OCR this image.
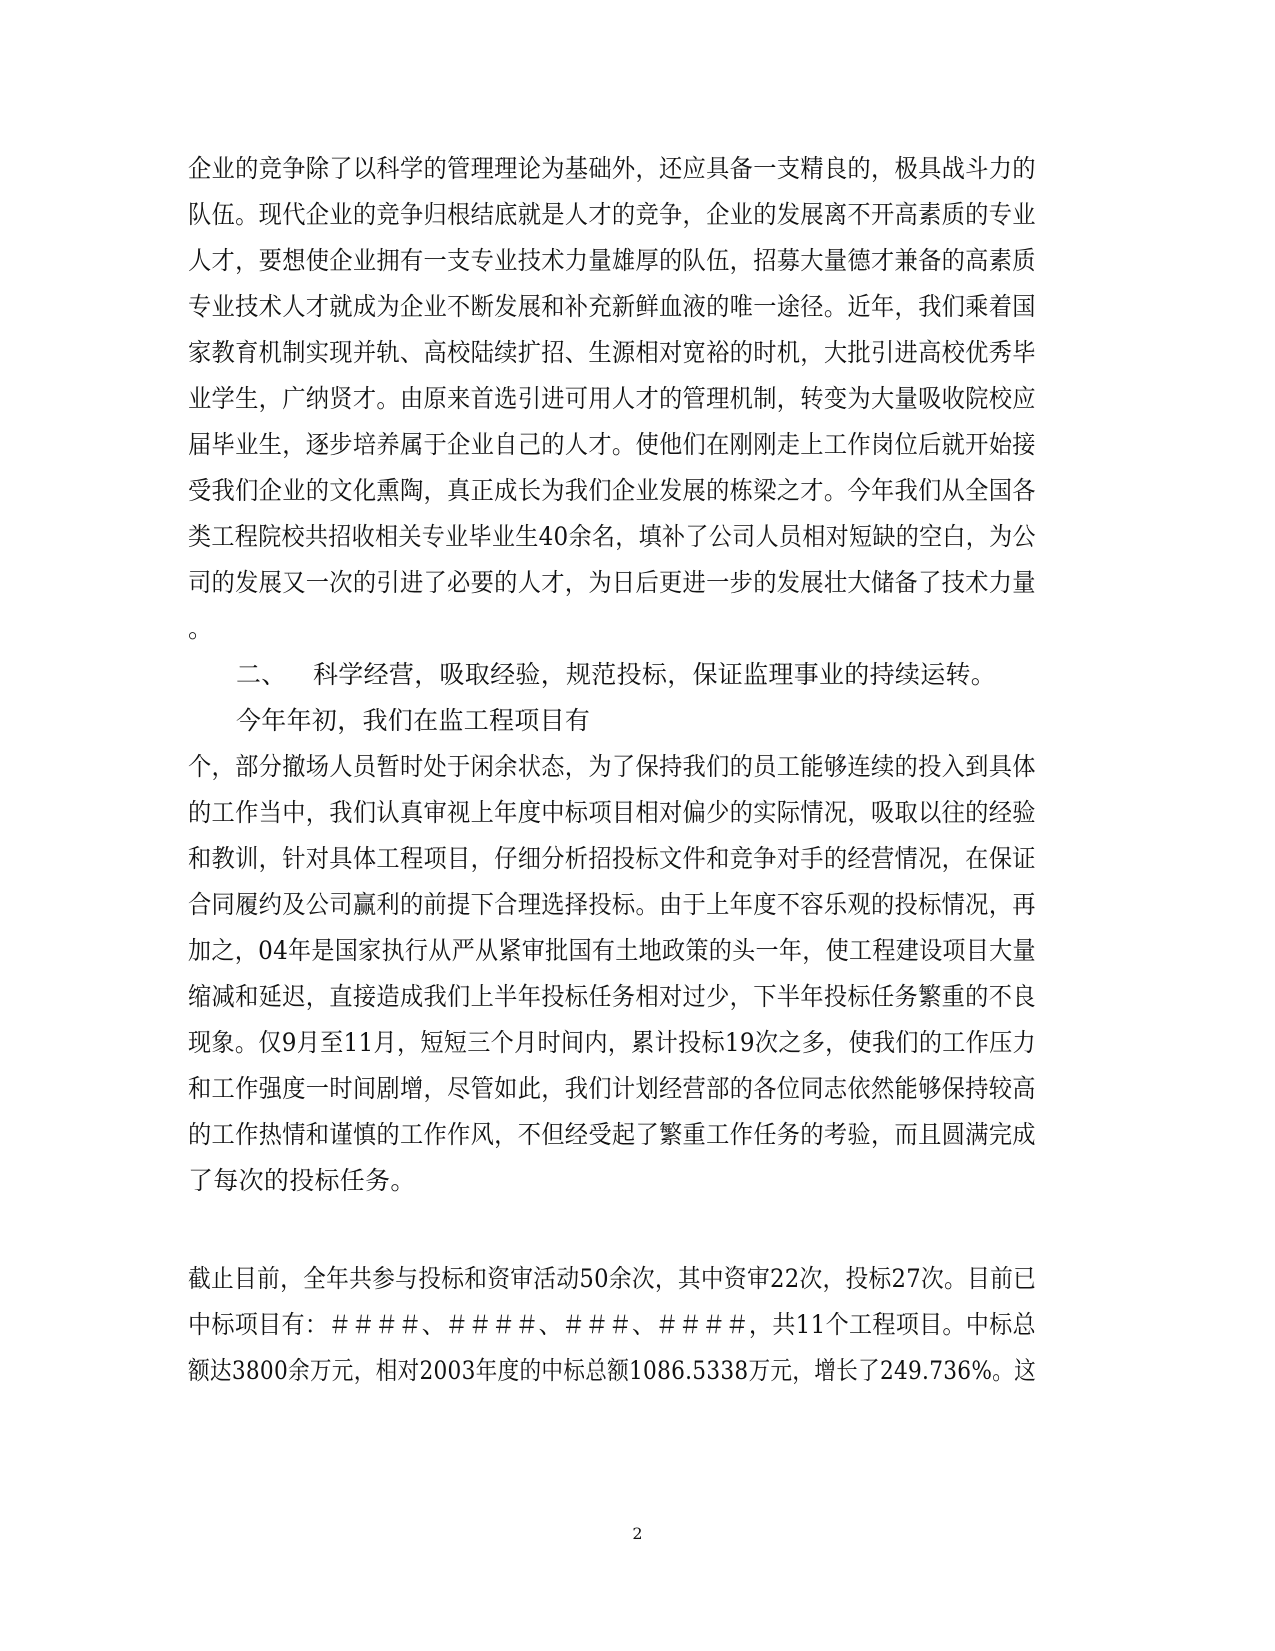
企业的竞争除了以科学的管理理论为基础外，还应具备一支精良的，极具战斗力的
队伍。现代企业的竞争归根结底就是人才的竞争，企业的发展离不开高素质的专业
人才，要想使企业拥有一支专业技术力量雄厚的队伍，招募大量德才兼备的高素质
专业技术人才就成为企业不断发展和补充新鲜血液的唯一途径。近年，我们乘着国
家教育机制实现并轨、高校陆续扩招、生源相对宽裕的时机，大批引进高校优秀毕
业学生，广纳贤才。由原来首选引进可用人才的管理机制，转变为大量吸收院校应
届毕业生，逐步培养属于企业自己的人才。使他们在刚刚走上工作岗位后就开始接
受我们企业的文化熏陶，真正成长为我们企业发展的栋梁之才。今年我们从全国各
类工程院校共招收相关专业毕业生40余名，填补了公司人员相对短缺的空白，为公
司的发展又一次的引进了必要的人才，为日后更进一步的发展壮大储备了技术力量
。
二、 科学经营，吸取经验，规范投标，保证监理事业的持续运转。
今年年初，我们在监工程项目有
个，部分撤场人员暂时处于闲余状态，为了保持我们的员工能够连续的投入到具体
的工作当中，我们认真审视上年度中标项目相对偏少的实际情况，吸取以往的经验
和教训，针对具体工程项目，仔细分析招投标文件和竞争对手的经营情况，在保证
合同履约及公司赢利的前提下合理选择投标。由于上年度不容乐观的投标情况，再
加之，04年是国家执行从严从紧审批国有土地政策的头一年，使工程建设项目大量
缩减和延迟，直接造成我们上半年投标任务相对过少，下半年投标任务繁重的不良
现象。仅9月至11月，短短三个月时间内，累计投标19次之多，使我们的工作压力
和工作强度一时间剧增，尽管如此，我们计划经营部的各位同志依然能够保持较高
的工作热情和谨慎的工作作风，不但经受起了繁重工作任务的考验，而且圆满完成
了每次的投标任务。
截止目前，全年共参与投标和资审活动50余次，其中资审22次，投标27次。目前已
中标项目有：＃＃＃＃、＃＃＃＃、＃＃＃、＃＃＃＃，共11个工程项目。中标总
额达3800余万元，相对2003年度的中标总额1086.5338万元，增长了249.736%。这
2
